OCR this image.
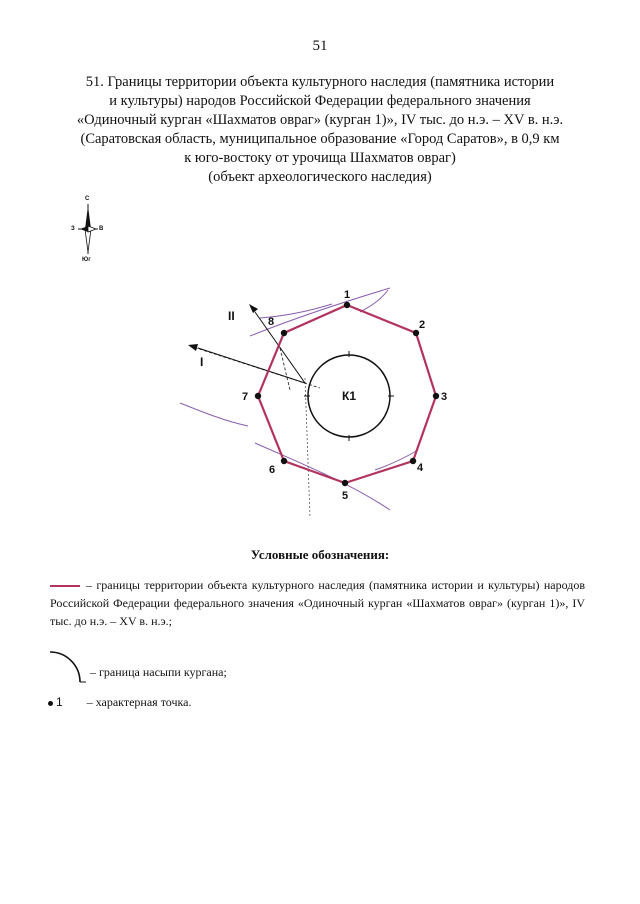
51
51. Границы территории объекта культурного наследия (памятника истории
и культуры) народов Российской Федерации федерального значения
«Одиночный курган «Шахматов овраг» (курган 1)», IV тыс. до н.э. – XV в. н.э.
(Саратовская область, муниципальное образование «Город Саратов», в 0,9 км
к юго-востоку от урочища Шахматов овраг)
(объект археологического наследия)
С
З	В
Юг
II
I
К1
1
2
3
4
5
6
7
8
Условные обозначения:
– границы территории объекта культурного наследия (памятника истории и культуры) народов Российской Федерации федерального значения «Одиночный курган «Шахматов овраг» (курган 1)», IV тыс. до н.э. – XV в. н.э.;
– граница насыпи кургана;
1 – характерная точка.
